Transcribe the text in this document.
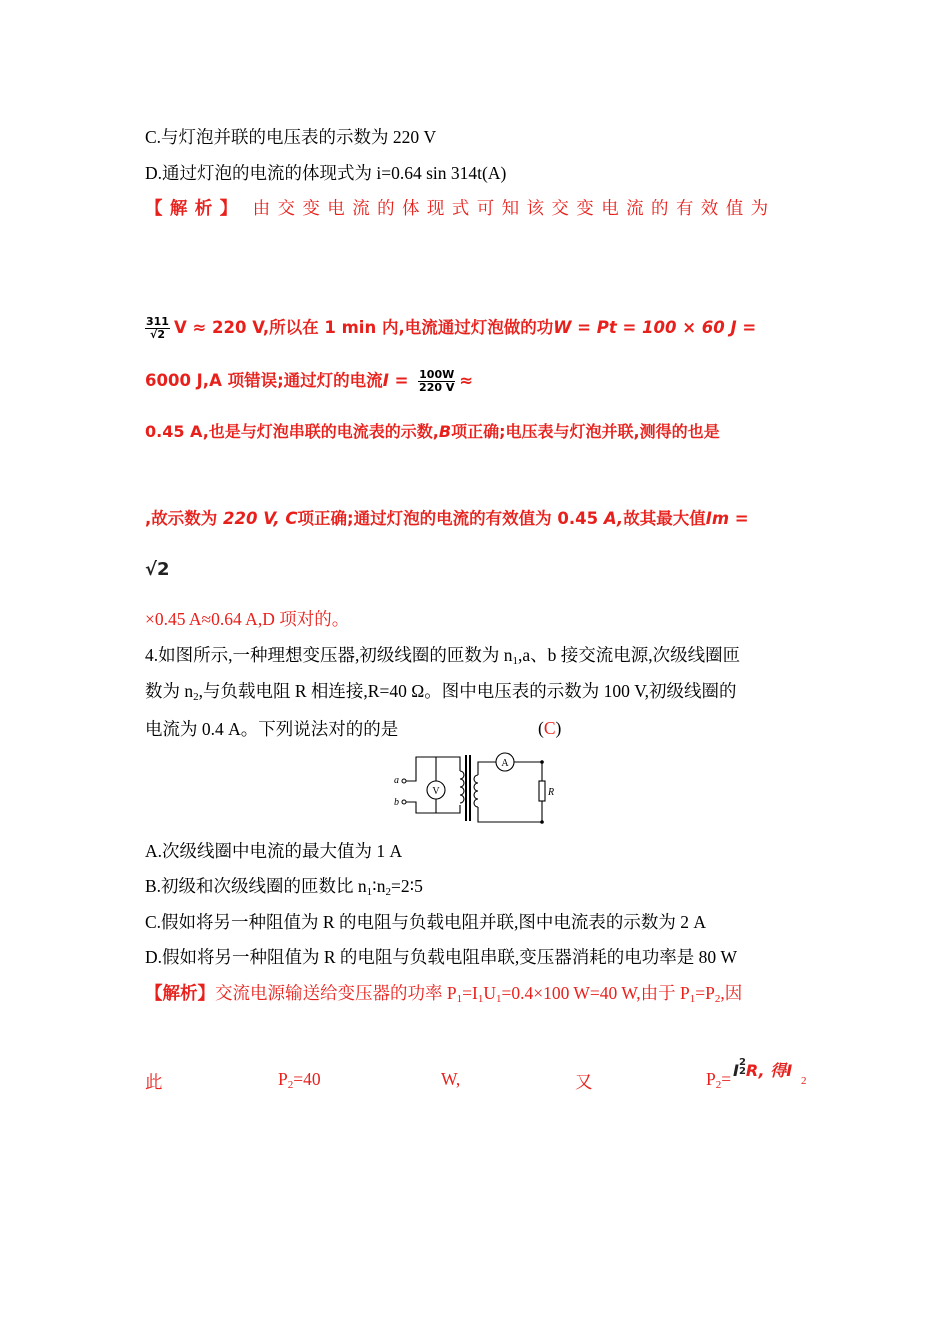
C.与灯泡并联的电压表的示数为 220 V
D.通过灯泡的电流的体现式为 i=0.64 sin 314t(A)
【解析】 由交变电流的体现式可知该交变电流的有效值为
$\frac{311}{√2}$ V ≈ 220 V,所以在 1 min 内,电流通过灯泡做的功W = Pt = 100 × 60 J =
6000 J,A 项错误;通过灯的电流$I = \frac{100W}{220 V}$ ≈
0.45 A,也是与灯泡串联的电流表的示数,B项正确;电压表与灯泡并联,测得的也是
,故示数为 220 V, C项正确;通过灯泡的电流的有效值为 0.45 A,故其最大值Im =
√2
×0.45 A≈0.64 A,D 项对的。
4.如图所示,一种理想变压器,初级线圈的匝数为 $n_1,a$、b 接交流电源,次级线圈匝
数为 $n_2$,与负载电阻 R 相连接,R=40 Ω。图中电压表的示数为 100 V,初级线圈的
电流为 0.4 A。下列说法对的的是	(C)
V
A
a
b
R
A.次级线圈中电流的最大值为 1 A
B.初级和次级线圈的匝数比 $n_1∶n_2=2∶5$
C.假如将另一种阻值为 R 的电阻与负载电阻并联,图中电流表的示数为 2 A
D.假如将另一种阻值为 R 的电阻与负载电阻串联,变压器消耗的电功率是 80 W
【解析】交流电源输送给变压器的功率 $P_1=I_1U_1=0.4\times 100$ W=40 W,由于 $P_1=P_2$,因
此	$P_2=40$	W,	又	$P_2= I$ 2
2 R, 得I
2
